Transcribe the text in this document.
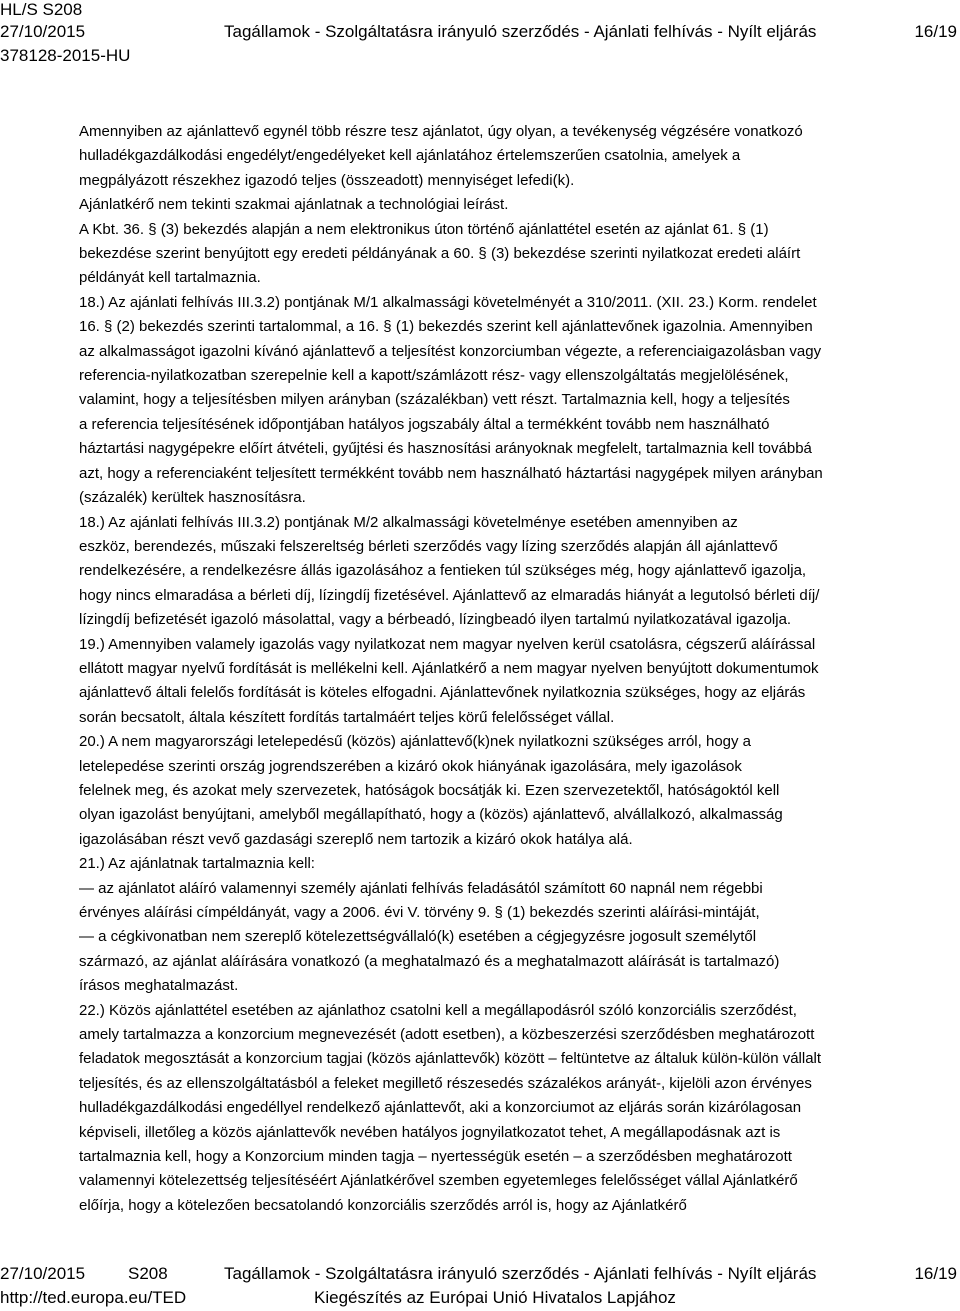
HL/S S208
27/10/2015	Tagállamok - Szolgáltatásra irányuló szerződés - Ajánlati felhívás - Nyílt eljárás	16/19
378128-2015-HU

Amennyiben az ajánlattevő egynél több részre tesz ajánlatot, úgy olyan, a tevékenység végzésére vonatkozó
hulladékgazdálkodási engedélyt/engedélyeket kell ajánlatához értelemszerűen csatolnia, amelyek a
megpályázott részekhez igazodó teljes (összeadott) mennyiséget lefedi(k).

Ajánlatkérő nem tekinti szakmai ajánlatnak a technológiai leírást.

A Kbt. 36. § (3) bekezdés alapján a nem elektronikus úton történő ajánlattétel esetén az ajánlat 61. § (1)
bekezdése szerint benyújtott egy eredeti példányának a 60. § (3) bekezdése szerinti nyilatkozat eredeti aláírt
példányát kell tartalmaznia.

18.) Az ajánlati felhívás III.3.2) pontjának M/1 alkalmassági követelményét a 310/2011. (XII. 23.) Korm. rendelet
16. § (2) bekezdés szerinti tartalommal, a 16. § (1) bekezdés szerint kell ajánlattevőnek igazolnia. Amennyiben
az alkalmasságot igazolni kívánó ajánlattevő a teljesítést konzorciumban végezte, a referenciaigazolásban vagy
referencia-nyilatkozatban szerepelnie kell a kapott/számlázott rész- vagy ellenszolgáltatás megjelölésének,
valamint, hogy a teljesítésben milyen arányban (százalékban) vett részt. Tartalmaznia kell, hogy a teljesítés
a referencia teljesítésének időpontjában hatályos jogszabály által a termékként tovább nem használható
háztartási nagygépekre előírt átvételi, gyűjtési és hasznosítási arányoknak megfelelt, tartalmaznia kell továbbá
azt, hogy a referenciaként teljesített termékként tovább nem használható háztartási nagygépek milyen arányban
(százalék) kerültek hasznosításra.

18.) Az ajánlati felhívás III.3.2) pontjának M/2 alkalmassági követelménye esetében amennyiben az
eszköz, berendezés, műszaki felszereltség bérleti szerződés vagy lízing szerződés alapján áll ajánlattevő
rendelkezésére, a rendelkezésre állás igazolásához a fentieken túl szükséges még, hogy ajánlattevő igazolja,
hogy nincs elmaradása a bérleti díj, lízingdíj fizetésével. Ajánlattevő az elmaradás hiányát a legutolsó bérleti díj/
lízingdíj befizetését igazoló másolattal, vagy a bérbeadó, lízingbeadó ilyen tartalmú nyilatkozatával igazolja.

19.) Amennyiben valamely igazolás vagy nyilatkozat nem magyar nyelven kerül csatolásra, cégszerű aláírással
ellátott magyar nyelvű fordítását is mellékelni kell. Ajánlatkérő a nem magyar nyelven benyújtott dokumentumok
ajánlattevő általi felelős fordítását is köteles elfogadni. Ajánlattevőnek nyilatkoznia szükséges, hogy az eljárás
során becsatolt, általa készített fordítás tartalmáért teljes körű felelősséget vállal.

20.) A nem magyarországi letelepedésű (közös) ajánlattevő(k)nek nyilatkozni szükséges arról, hogy a
letelepedése szerinti ország jogrendszerében a kizáró okok hiányának igazolására, mely igazolások
felelnek meg, és azokat mely szervezetek, hatóságok bocsátják ki. Ezen szervezetektől, hatóságoktól kell
olyan igazolást benyújtani, amelyből megállapítható, hogy a (közös) ajánlattevő, alvállalkozó, alkalmasság
igazolásában részt vevő gazdasági szereplő nem tartozik a kizáró okok hatálya alá.

21.) Az ajánlatnak tartalmaznia kell:

— az ajánlatot aláíró valamennyi személy ajánlati felhívás feladásától számított 60 napnál nem régebbi
érvényes aláírási címpéldányát, vagy a 2006. évi V. törvény 9. § (1) bekezdés szerinti aláírási-mintáját,

— a cégkivonatban nem szereplő kötelezettségvállaló(k) esetében a cégjegyzésre jogosult személytől
származó, az ajánlat aláírására vonatkozó (a meghatalmazó és a meghatalmazott aláírását is tartalmazó)
írásos meghatalmazást.

22.) Közös ajánlattétel esetében az ajánlathoz csatolni kell a megállapodásról szóló konzorciális szerződést,
amely tartalmazza a konzorcium megnevezését (adott esetben), a közbeszerzési szerződésben meghatározott
feladatok megosztását a konzorcium tagjai (közös ajánlattevők) között – feltüntetve az általuk külön-külön vállalt
teljesítés, és az ellenszolgáltatásból a feleket megillető részesedés százalékos arányát-, kijelöli azon érvényes
hulladékgazdálkodási engedéllyel rendelkező ajánlattevőt, aki a konzorciumot az eljárás során kizárólagosan
képviseli, illetőleg a közös ajánlattevők nevében hatályos jognyilatkozatot tehet, A megállapodásnak azt is
tartalmaznia kell, hogy a Konzorcium minden tagja – nyertességük esetén – a szerződésben meghatározott
valamennyi kötelezettség teljesítéséért Ajánlatkérővel szemben egyetemleges felelősséget vállal Ajánlatkérő
előírja, hogy a kötelezően becsatolandó konzorciális szerződés arról is, hogy az Ajánlatkérő

27/10/2015	S208	Tagállamok - Szolgáltatásra irányuló szerződés - Ajánlati felhívás - Nyílt eljárás	16/19
http://ted.europa.eu/TED	Kiegészítés az Európai Unió Hivatalos Lapjához
